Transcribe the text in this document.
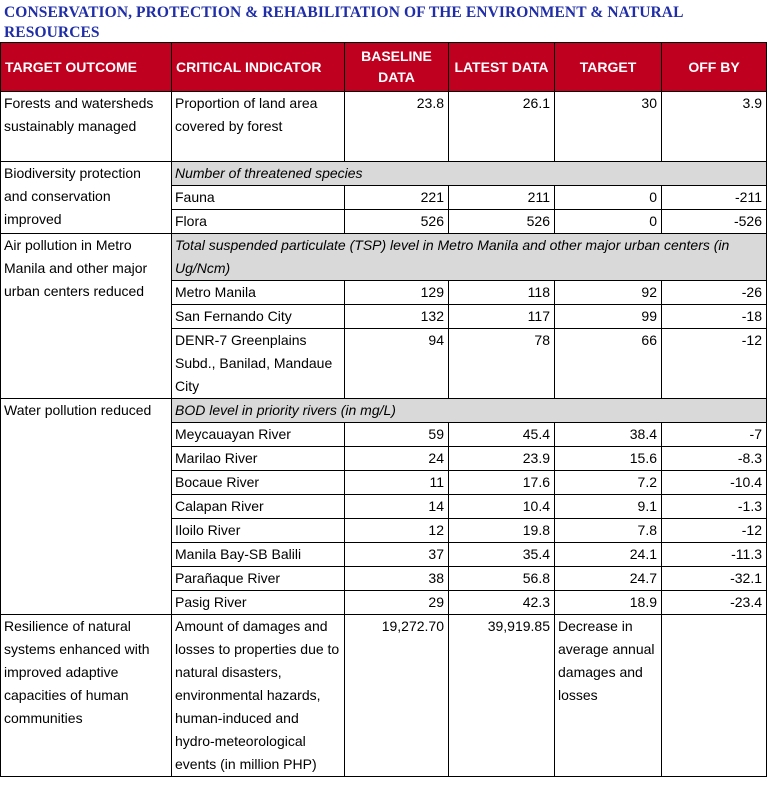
CONSERVATION, PROTECTION & REHABILITATION OF THE ENVIRONMENT & NATURAL RESOURCES
TARGET OUTCOME	CRITICAL INDICATOR	BASELINE DATA	LATEST DATA	TARGET	OFF BY
Forests and watersheds sustainably managed	Proportion of land area covered by forest	23.8	26.1	30	3.9
Biodiversity protection and conservation improved	Number of threatened species				
	Fauna	221	211	0	-211
	Flora	526	526	0	-526
Air pollution in Metro Manila and other major urban centers reduced	Total suspended particulate (TSP) level in Metro Manila and other major urban centers (in Ug/Ncm)				
	Metro Manila	129	118	92	-26
	San Fernando City	132	117	99	-18
	DENR-7 Greenplains Subd., Banilad, Mandaue City	94	78	66	-12
Water pollution reduced	BOD level in priority rivers (in mg/L)				
	Meycauayan River	59	45.4	38.4	-7
	Marilao River	24	23.9	15.6	-8.3
	Bocaue River	11	17.6	7.2	-10.4
	Calapan River	14	10.4	9.1	-1.3
	Iloilo River	12	19.8	7.8	-12
	Manila Bay-SB Balili	37	35.4	24.1	-11.3
	Parañaque River	38	56.8	24.7	-32.1
	Pasig River	29	42.3	18.9	-23.4
Resilience of natural systems enhanced with improved adaptive capacities of human communities	Amount of damages and losses to properties due to natural disasters, environmental hazards, human-induced and hydro-meteorological events (in million PHP)	19,272.70	39,919.85	Decrease in average annual damages and losses	
